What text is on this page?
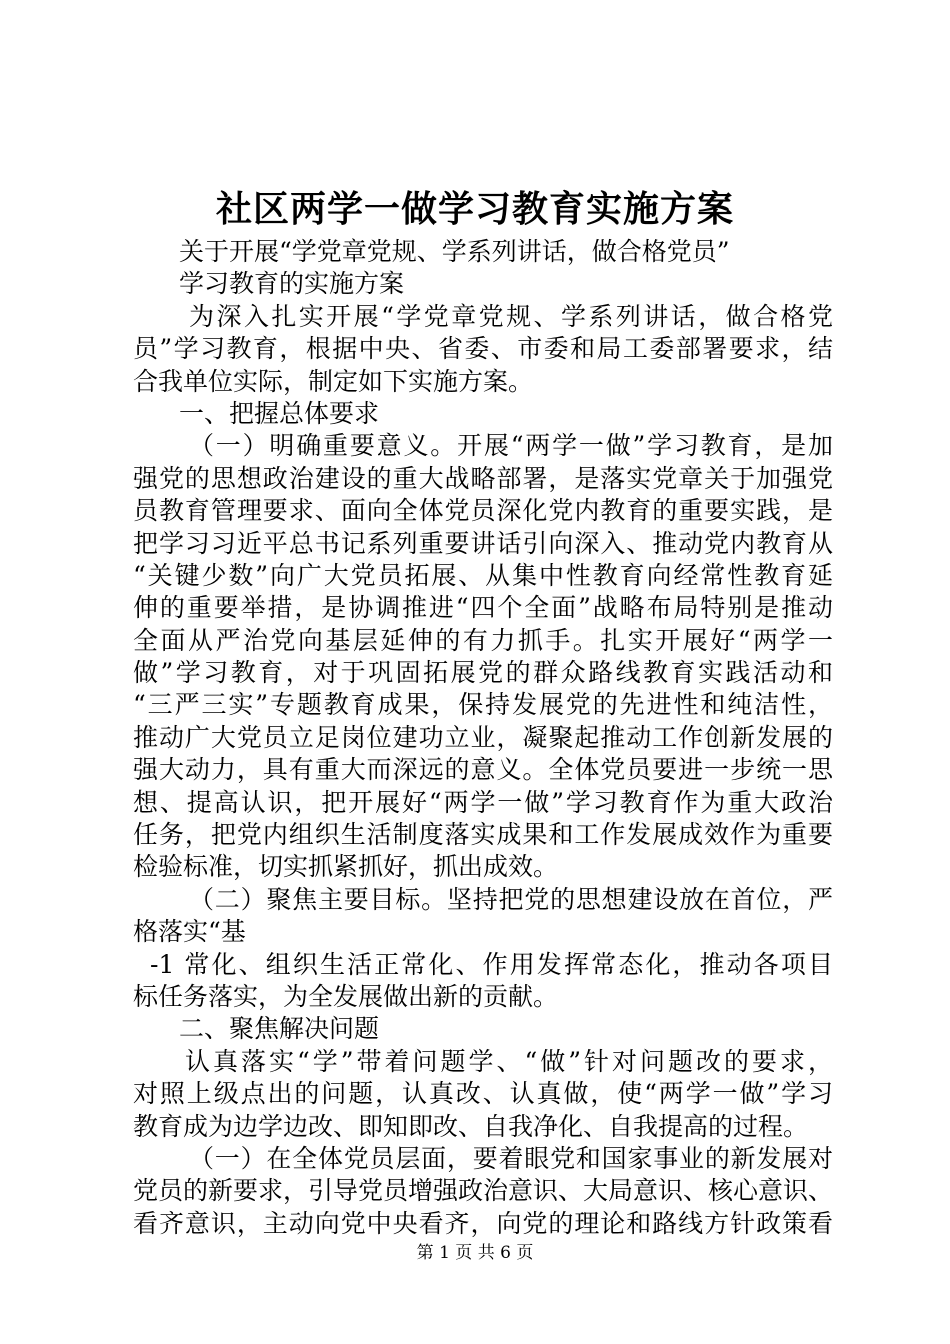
社区两学一做学习教育实施方案
关于开展“学党章党规、学系列讲话，做合格党员”
学习教育的实施方案
为深入扎实开展“学党章党规、学系列讲话，做合格党
员”学习教育，根据中央、省委、市委和局工委部署要求，结
合我单位实际，制定如下实施方案。
一、把握总体要求
（一）明确重要意义。开展“两学一做”学习教育，是加
强党的思想政治建设的重大战略部署，是落实党章关于加强党
员教育管理要求、面向全体党员深化党内教育的重要实践，是
把学习习近平总书记系列重要讲话引向深入、推动党内教育从
“关键少数”向广大党员拓展、从集中性教育向经常性教育延
伸的重要举措，是协调推进“四个全面”战略布局特别是推动
全面从严治党向基层延伸的有力抓手。扎实开展好“两学一
做”学习教育，对于巩固拓展党的群众路线教育实践活动和
“三严三实”专题教育成果，保持发展党的先进性和纯洁性，
推动广大党员立足岗位建功立业，凝聚起推动工作创新发展的
强大动力，具有重大而深远的意义。全体党员要进一步统一思
想、提高认识，把开展好“两学一做”学习教育作为重大政治
任务，把党内组织生活制度落实成果和工作发展成效作为重要
检验标准，切实抓紧抓好，抓出成效。
（二）聚焦主要目标。坚持把党的思想建设放在首位，严
格落实“基
-1 常化、组织生活正常化、作用发挥常态化，推动各项目
标任务落实，为全发展做出新的贡献。
二、聚焦解决问题
认真落实“学”带着问题学、“做”针对问题改的要求，
对照上级点出的问题，认真改、认真做，使“两学一做”学习
教育成为边学边改、即知即改、自我净化、自我提高的过程。
（一）在全体党员层面，要着眼党和国家事业的新发展对
党员的新要求，引导党员增强政治意识、大局意识、核心意识、
看齐意识，主动向党中央看齐，向党的理论和路线方针政策看
第 1 页 共 6 页
